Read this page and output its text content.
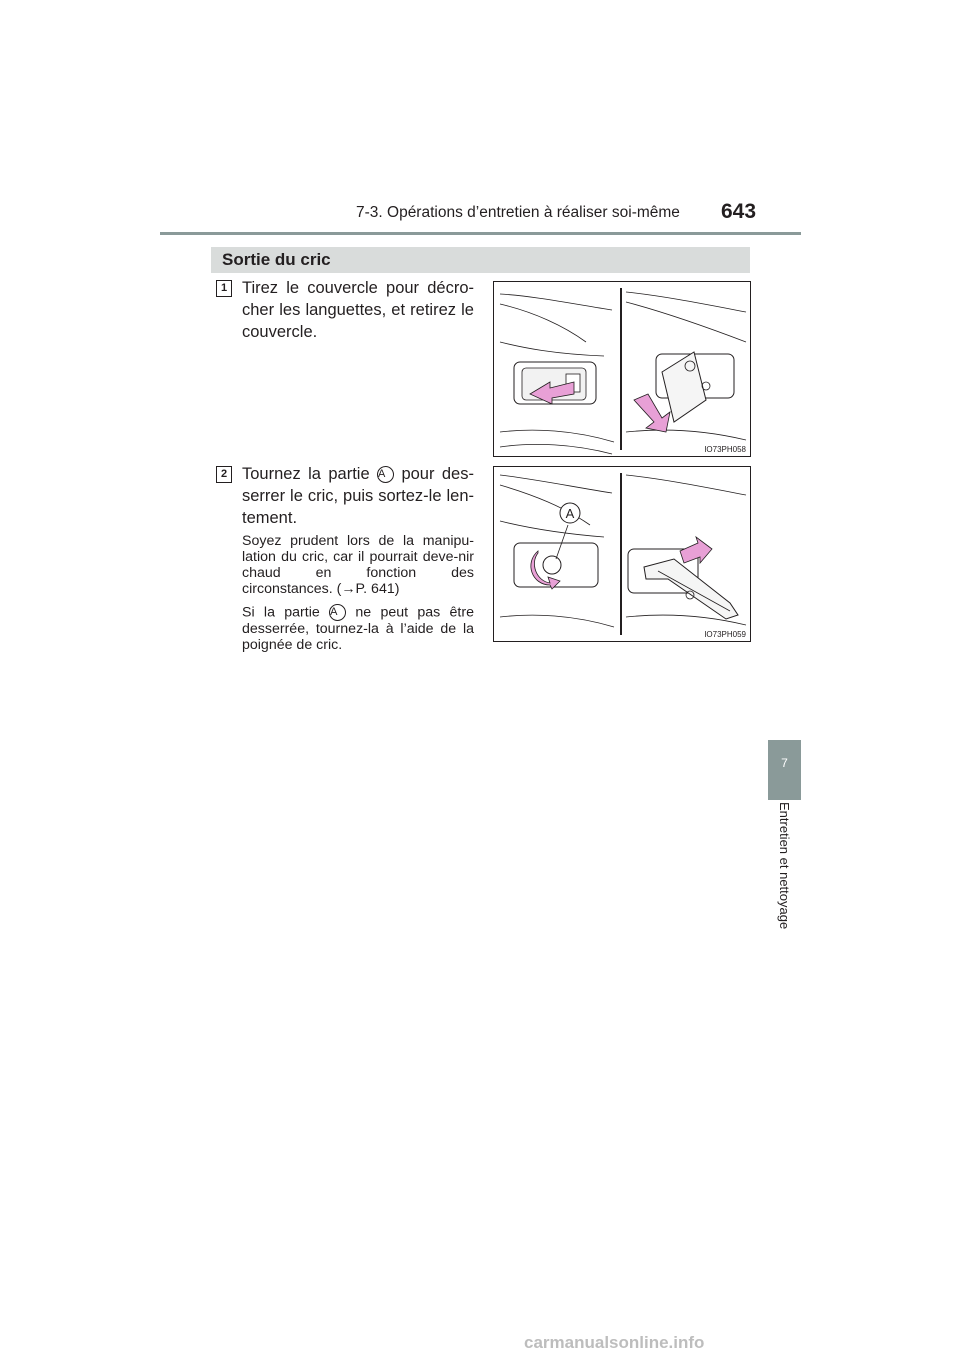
7-3. Opérations d’entretien à réaliser soi-même 643
Sortie du cric
1 Tirez le couvercle pour décro-cher les languettes, et retirez le couvercle.
IO73PH058
2 Tournez la partie A pour des-serrer le cric, puis sortez-le len-tement.
Soyez prudent lors de la manipu-lation du cric, car il pourrait deve-nir chaud en fonction des circonstances. (→P. 641)
Si la partie A ne peut pas être desserrée, tournez-la à l’aide de la poignée de cric.
A
IO73PH059
7
Entretien et nettoyage
carmanualsonline.info
